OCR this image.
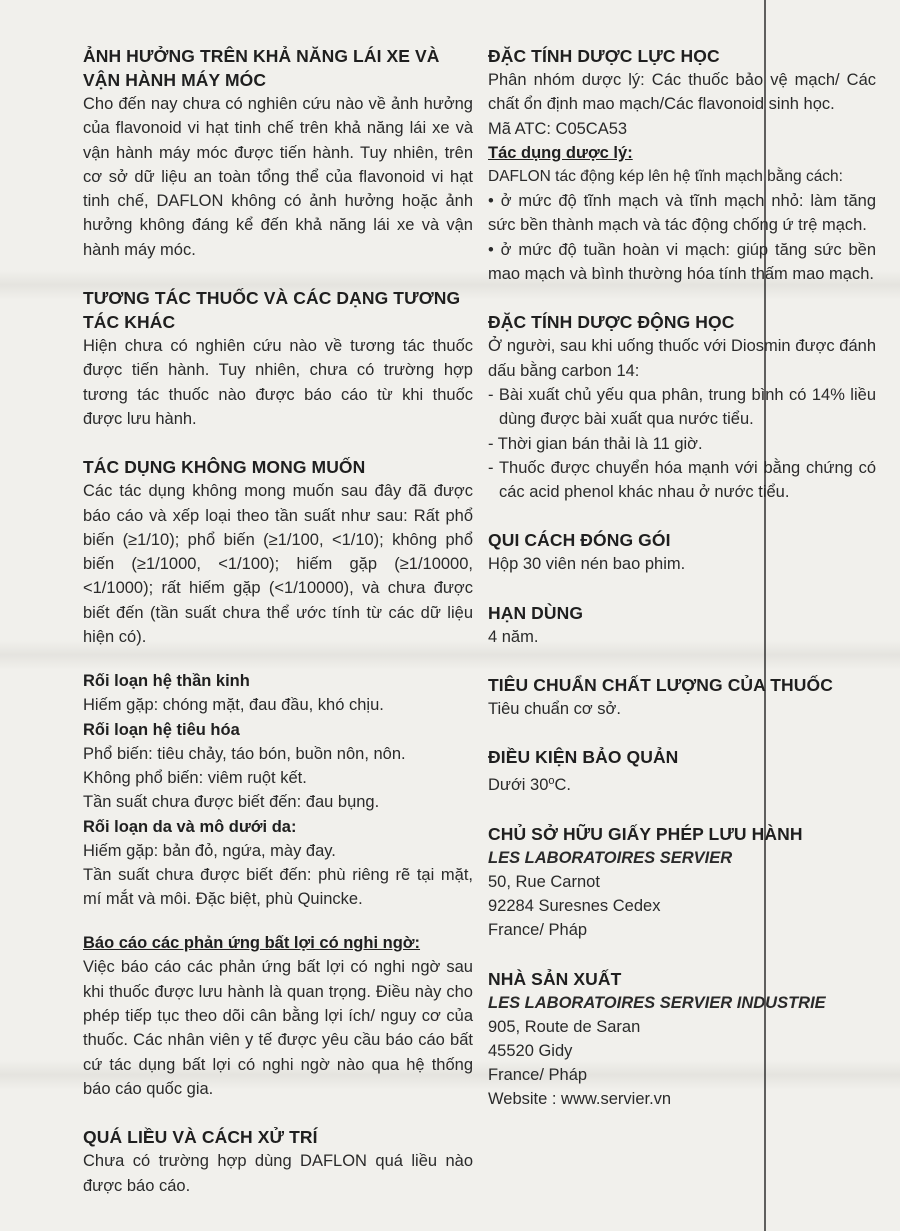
ẢNH HƯỞNG TRÊN KHẢ NĂNG LÁI XE VÀ VẬN HÀNH MÁY MÓC

Cho đến nay chưa có nghiên cứu nào về ảnh hưởng của flavonoid vi hạt tinh chế trên khả năng lái xe và vận hành máy móc được tiến hành. Tuy nhiên, trên cơ sở dữ liệu an toàn tổng thể của flavonoid vi hạt tinh chế, DAFLON không có ảnh hưởng hoặc ảnh hưởng không đáng kể đến khả năng lái xe và vận hành máy móc.

TƯƠNG TÁC THUỐC VÀ CÁC DẠNG TƯƠNG TÁC KHÁC

Hiện chưa có nghiên cứu nào về tương tác thuốc được tiến hành. Tuy nhiên, chưa có trường hợp tương tác thuốc nào được báo cáo từ khi thuốc được lưu hành.

TÁC DỤNG KHÔNG MONG MUỐN

Các tác dụng không mong muốn sau đây đã được báo cáo và xếp loại theo tần suất như sau: Rất phổ biến (≥1/10); phổ biến (≥1/100, <1/10); không phổ biến (≥1/1000, <1/100); hiếm gặp (≥1/10000, <1/1000); rất hiếm gặp (<1/10000), và chưa được biết đến (tần suất chưa thể ước tính từ các dữ liệu hiện có).

Rối loạn hệ thần kinh
Hiếm gặp: chóng mặt, đau đầu, khó chịu.
Rối loạn hệ tiêu hóa
Phổ biến: tiêu chảy, táo bón, buồn nôn, nôn.
Không phổ biến: viêm ruột kết.
Tần suất chưa được biết đến: đau bụng.
Rối loạn da và mô dưới da:
Hiếm gặp: bản đỏ, ngứa, mày đay.

Tần suất chưa được biết đến: phù riêng rẽ tại mặt, mí mắt và môi. Đặc biệt, phù Quincke.

Báo cáo các phản ứng bất lợi có nghi ngờ:

Việc báo cáo các phản ứng bất lợi có nghi ngờ sau khi thuốc được lưu hành là quan trọng. Điều này cho phép tiếp tục theo dõi cân bằng lợi ích/ nguy cơ của thuốc. Các nhân viên y tế được yêu cầu báo cáo bất cứ tác dụng bất lợi có nghi ngờ nào qua hệ thống báo cáo quốc gia.

QUÁ LIỀU VÀ CÁCH XỬ TRÍ

Chưa có trường hợp dùng DAFLON quá liều nào được báo cáo.

ĐẶC TÍNH DƯỢC LỰC HỌC

Phân nhóm dược lý: Các thuốc bảo vệ mạch/ Các chất ổn định mao mạch/Các flavonoid sinh học.

Mã ATC: C05CA53
Tác dụng dược lý:
DAFLON tác động kép lên hệ tĩnh mạch bằng cách:

• ở mức độ tĩnh mạch và tĩnh mạch nhỏ: làm tăng sức bền thành mạch và tác động chống ứ trệ mạch.

• ở mức độ tuần hoàn vi mạch: giúp tăng sức bền mao mạch và bình thường hóa tính thấm mao mạch.

ĐẶC TÍNH DƯỢC ĐỘNG HỌC

Ở người, sau khi uống thuốc với Diosmin được đánh dấu bằng carbon 14:

- Bài xuất chủ yếu qua phân, trung bình có 14% liều dùng được bài xuất qua nước tiểu.

- Thời gian bán thải là 11 giờ.

- Thuốc được chuyển hóa mạnh với bằng chứng có các acid phenol khác nhau ở nước tiểu.

QUI CÁCH ĐÓNG GÓI
Hộp 30 viên nén bao phim.
HẠN DÙNG
4 năm.
TIÊU CHUẨN CHẤT LƯỢNG CỦA THUỐC
Tiêu chuẩn cơ sở.
ĐIỀU KIỆN BẢO QUẢN
Dưới 30$^o$C.
CHỦ SỞ HỮU GIẤY PHÉP LƯU HÀNH
LES LABORATOIRES SERVIER
50, Rue Carnot
92284 Suresnes Cedex
France/ Pháp
NHÀ SẢN XUẤT
LES LABORATOIRES SERVIER INDUSTRIE
905, Route de Saran
45520 Gidy
France/ Pháp
Website : www.servier.vn
